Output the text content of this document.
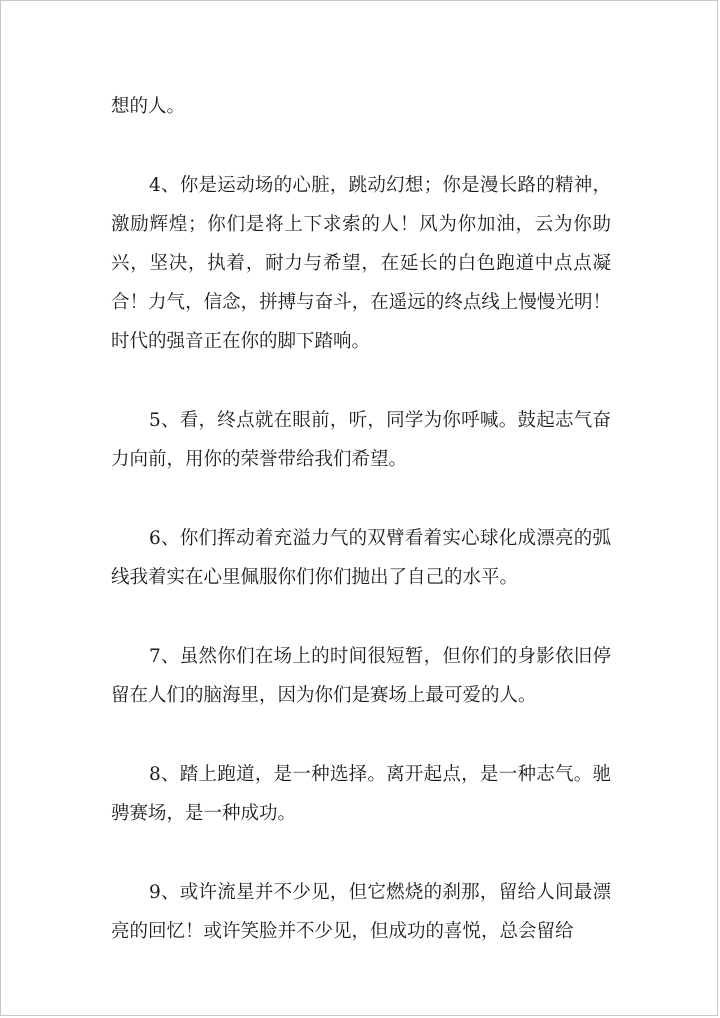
想的人。

4、你是运动场的心脏，跳动幻想；你是漫长路的精神，激励辉煌；你们是将上下求索的人！风为你加油，云为你助兴，坚决，执着，耐力与希望，在延长的白色跑道中点点凝合！力气，信念，拼搏与奋斗，在遥远的终点线上慢慢光明！时代的强音正在你的脚下踏响。

5、看，终点就在眼前，听，同学为你呼喊。鼓起志气奋力向前，用你的荣誉带给我们希望。

6、你们挥动着充溢力气的双臂看着实心球化成漂亮的弧线我着实在心里佩服你们你们抛出了自己的水平。

7、虽然你们在场上的时间很短暂，但你们的身影依旧停留在人们的脑海里，因为你们是赛场上最可爱的人。

8、踏上跑道，是一种选择。离开起点，是一种志气。驰骋赛场，是一种成功。

9、或许流星并不少见，但它燃烧的刹那，留给人间最漂亮的回忆！或许笑脸并不少见，但成功的喜悦，总会留给
